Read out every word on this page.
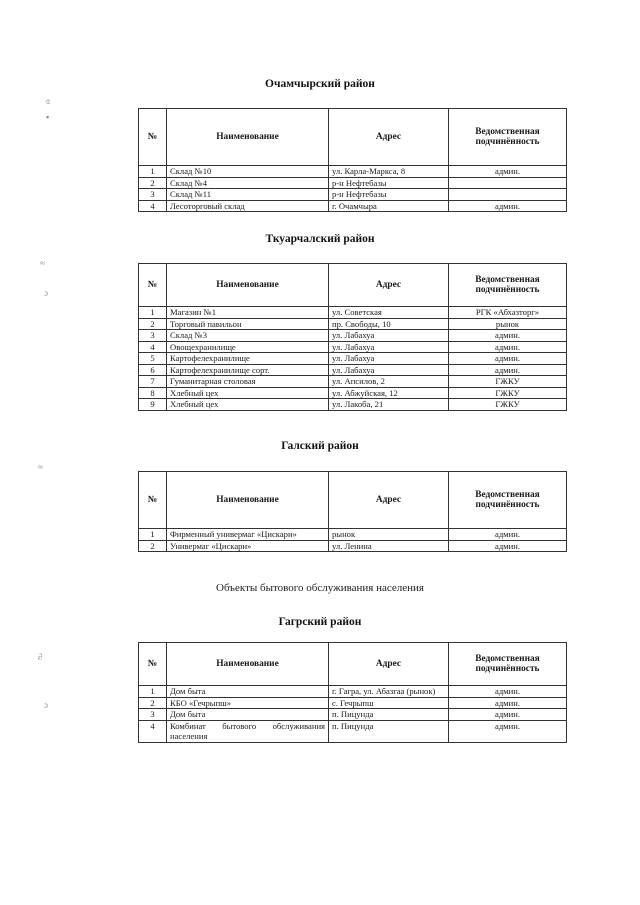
ɞ
▪
≈
ɔ
≈
∂
ɔ
Очамчырский район
№	Наименование	Адрес	Ведомственная подчинённость
1	Склад №10	ул. Карла-Маркса, 8	админ.
2	Склад №4	р-н Нефтебазы	
3	Склад №11	р-н Нефтебазы	
4	Лесоторговый склад	г. Очамчыра	админ.
Ткуарчалский район
№	Наименование	Адрес	Ведомственная подчинённость
1	Магазин №1	ул. Советская	РГК «Абхазторг»
2	Торговый павильон	пр. Свободы, 10	рынок
3	Склад №3	ул. Лабахуа	админ.
4	Овощехранилище	ул. Лабахуа	админ.
5	Картофелехранилище	ул. Лабахуа	админ.
6	Картофелехранилище сорт.	ул. Лабахуа	админ.
7	Гуманитарная столовая	ул. Апсилов, 2	ГЖКУ
8	Хлебный цех	ул. Абжуйская, 12	ГЖКУ
9	Хлебный цех	ул. Лакоба, 21	ГЖКУ
Галский район
№	Наименование	Адрес	Ведомственная подчинённость
1	Фирменный универмаг «Цискари»	рынок	админ.
2	Универмаг «Цискари»	ул. Ленина	админ.
Объекты бытового обслуживания населения
Гагрский район
№	Наименование	Адрес	Ведомственная подчинённость
1	Дом быта	г. Гагра, ул. Абазгаа (рынок)	админ.
2	КБО «Гечрыпш»	с. Гечрыпш	админ.
3	Дом быта	п. Пицунда	админ.
4	Комбинат бытового обслуживания населения	п. Пицунда	админ.
